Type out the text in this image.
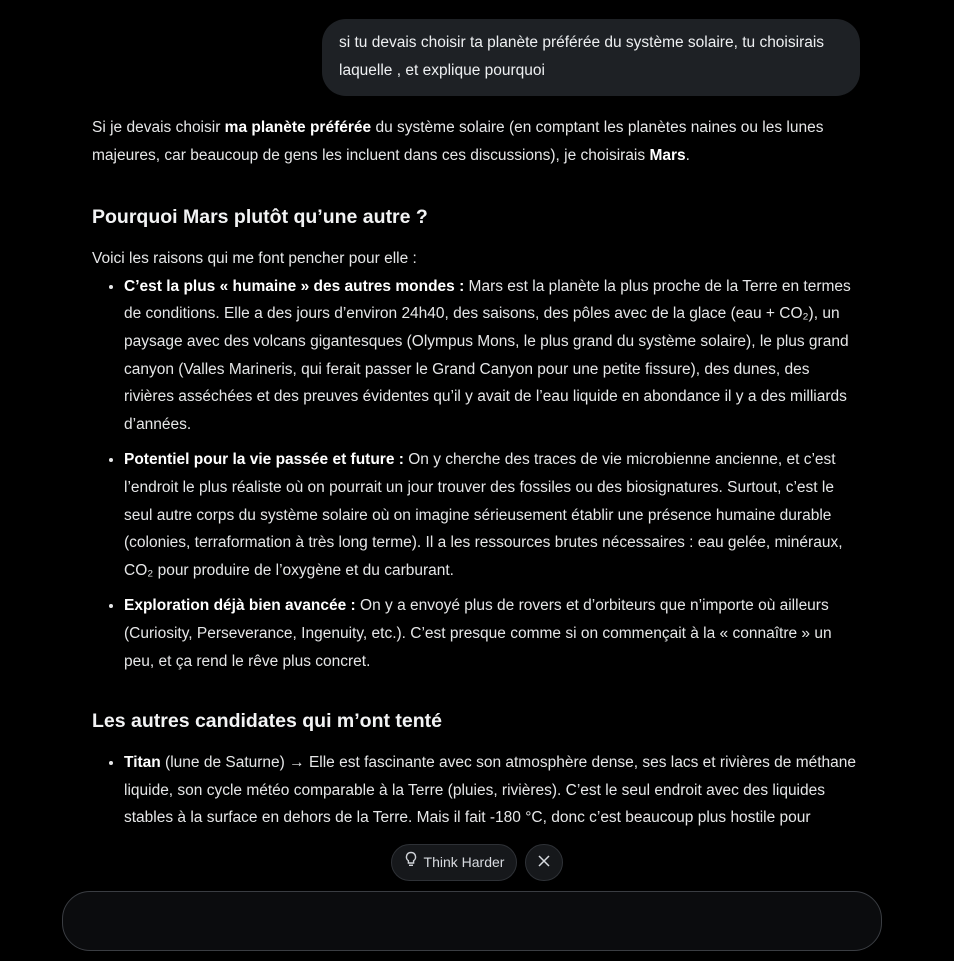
si tu devais choisir ta planète préférée du système solaire, tu choisirais laquelle , et explique pourquoi

Si je devais choisir ma planète préférée du système solaire (en comptant les planètes naines ou les lunes majeures, car beaucoup de gens les incluent dans ces discussions), je choisirais Mars.

Pourquoi Mars plutôt qu’une autre ?

Voici les raisons qui me font pencher pour elle :

• C’est la plus « humaine » des autres mondes : Mars est la planète la plus proche de la Terre en termes de conditions. Elle a des jours d’environ 24h40, des saisons, des pôles avec de la glace (eau + CO₂), un paysage avec des volcans gigantesques (Olympus Mons, le plus grand du système solaire), le plus grand canyon (Valles Marineris, qui ferait passer le Grand Canyon pour une petite fissure), des dunes, des rivières asséchées et des preuves évidentes qu’il y avait de l’eau liquide en abondance il y a des milliards d’années.
• Potentiel pour la vie passée et future : On y cherche des traces de vie microbienne ancienne, et c’est l’endroit le plus réaliste où on pourrait un jour trouver des fossiles ou des biosignatures. Surtout, c’est le seul autre corps du système solaire où on imagine sérieusement établir une présence humaine durable (colonies, terraformation à très long terme). Il a les ressources brutes nécessaires : eau gelée, minéraux, CO₂ pour produire de l’oxygène et du carburant.
• Exploration déjà bien avancée : On y a envoyé plus de rovers et d’orbiteurs que n’importe où ailleurs (Curiosity, Perseverance, Ingenuity, etc.). C’est presque comme si on commençait à la « connaître » un peu, et ça rend le rêve plus concret.
Les autres candidates qui m’ont tenté
• Titan (lune de Saturne) → Elle est fascinante avec son atmosphère dense, ses lacs et rivières de méthane liquide, son cycle météo comparable à la Terre (pluies, rivières). C’est le seul endroit avec des liquides stables à la surface en dehors de la Terre. Mais il fait -180 °C, donc c’est beaucoup plus hostile pour
Think Harder
